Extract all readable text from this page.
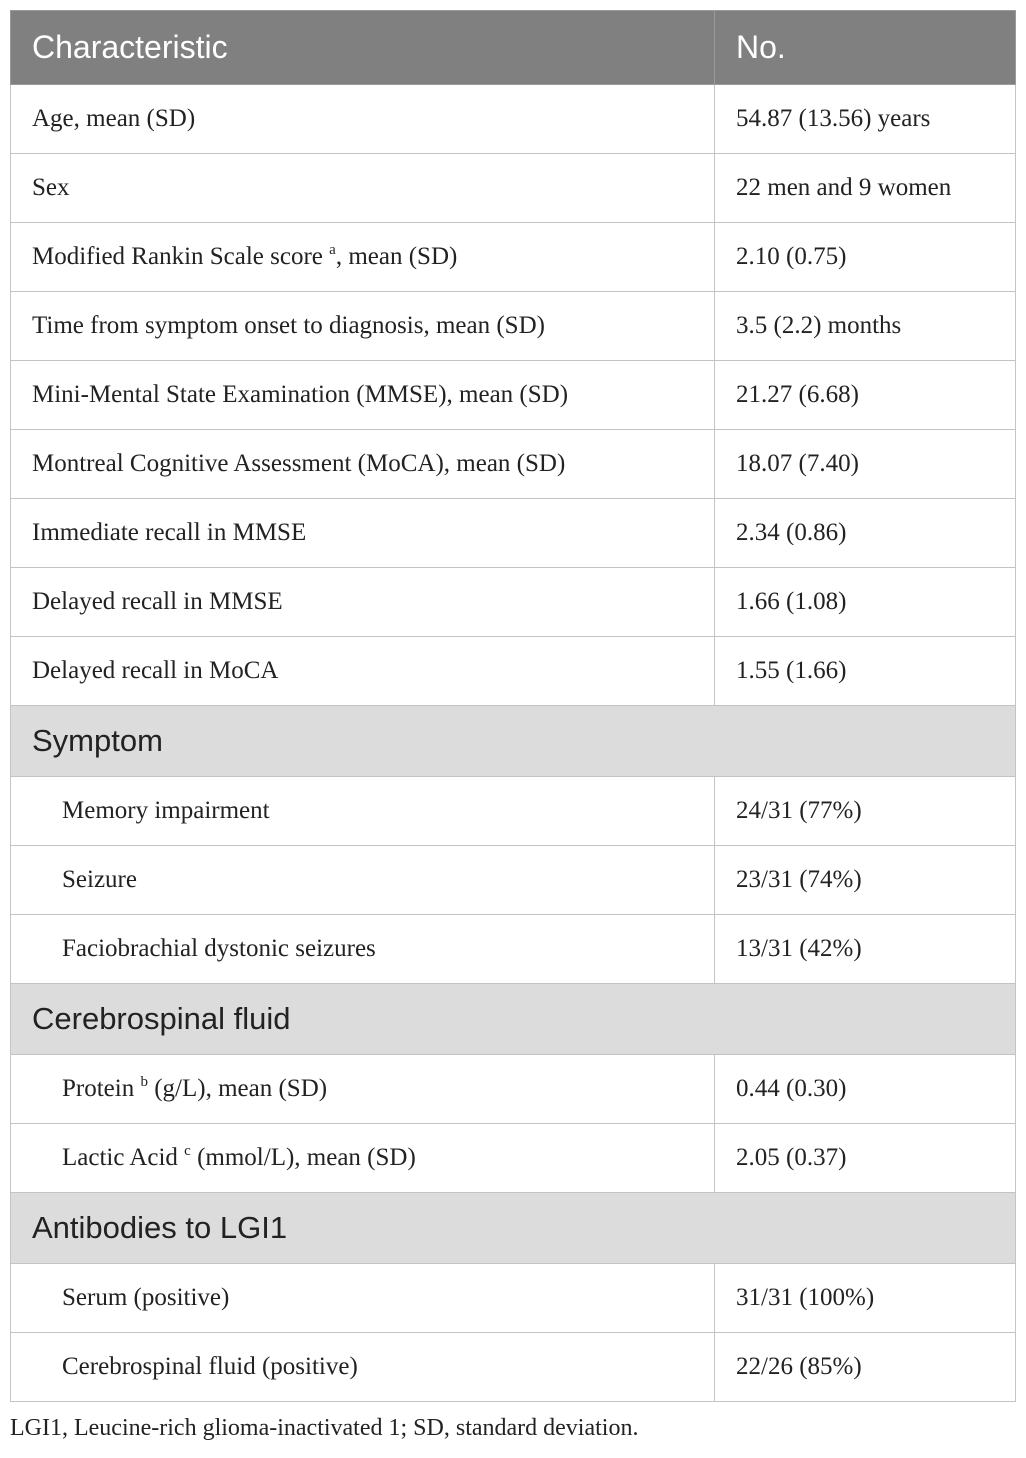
Characteristic	No.
Age, mean (SD)	54.87 (13.56) years
Sex	22 men and 9 women
Modified Rankin Scale score $^a$, mean (SD)	2.10 (0.75)
Time from symptom onset to diagnosis, mean (SD)	3.5 (2.2) months
Mini-Mental State Examination (MMSE), mean (SD)	21.27 (6.68)
Montreal Cognitive Assessment (MoCA), mean (SD)	18.07 (7.40)
Immediate recall in MMSE	2.34 (0.86)
Delayed recall in MMSE	1.66 (1.08)
Delayed recall in MoCA	1.55 (1.66)
Symptom	
Memory impairment	24/31 (77%)
Seizure	23/31 (74%)
Faciobrachial dystonic seizures	13/31 (42%)
Cerebrospinal fluid	
Protein $^b$ (g/L), mean (SD)	0.44 (0.30)
Lactic Acid $^c$ (mmol/L), mean (SD)	2.05 (0.37)
Antibodies to LGI1	
Serum (positive)	31/31 (100%)
Cerebrospinal fluid (positive)	22/26 (85%)
LGI1, Leucine-rich glioma-inactivated 1; SD, standard deviation.
